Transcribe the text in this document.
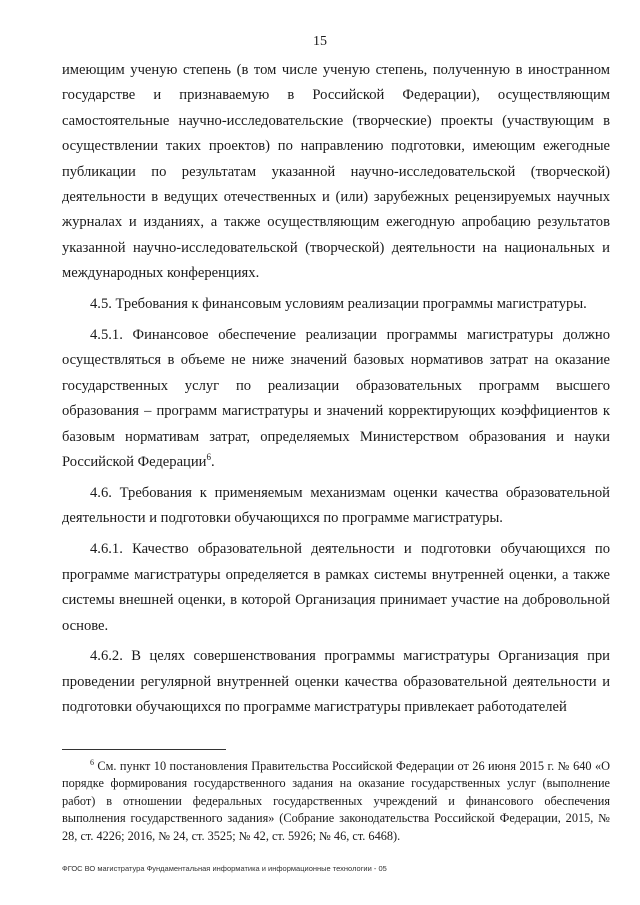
15

имеющим ученую степень (в том числе ученую степень, полученную в иностранном государстве и признаваемую в Российской Федерации), осуществляющим самостоятельные научно-исследовательские (творческие) проекты (участвующим в осуществлении таких проектов) по направлению подготовки, имеющим ежегодные публикации по результатам указанной научно-исследовательской (творческой) деятельности в ведущих отечественных и (или) зарубежных рецензируемых научных журналах и изданиях, а также осуществляющим ежегодную апробацию результатов указанной научно-исследовательской (творческой) деятельности на национальных и международных конференциях.

4.5. Требования к финансовым условиям реализации программы магистратуры.

4.5.1. Финансовое обеспечение реализации программы магистратуры должно осуществляться в объеме не ниже значений базовых нормативов затрат на оказание государственных услуг по реализации образовательных программ высшего образования – программ магистратуры и значений корректирующих коэффициентов к базовым нормативам затрат, определяемых Министерством образования и науки Российской Федерации$^6$.

4.6. Требования к применяемым механизмам оценки качества образовательной деятельности и подготовки обучающихся по программе магистратуры.

4.6.1. Качество образовательной деятельности и подготовки обучающихся по программе магистратуры определяется в рамках системы внутренней оценки, а также системы внешней оценки, в которой Организация принимает участие на добровольной основе.

4.6.2. В целях совершенствования программы магистратуры Организация при проведении регулярной внутренней оценки качества образовательной деятельности и подготовки обучающихся по программе магистратуры привлекает работодателей

$^6$ См. пункт 10 постановления Правительства Российской Федерации от 26 июня 2015 г. № 640 «О порядке формирования государственного задания на оказание государственных услуг (выполнение работ) в отношении федеральных государственных учреждений и финансового обеспечения выполнения государственного задания» (Собрание законодательства Российской Федерации, 2015, № 28, ст. 4226; 2016, № 24, ст. 3525; № 42, ст. 5926; № 46, ст. 6468).

ФГОС ВО магистратура Фундаментальная информатика и информационные технологии - 05
